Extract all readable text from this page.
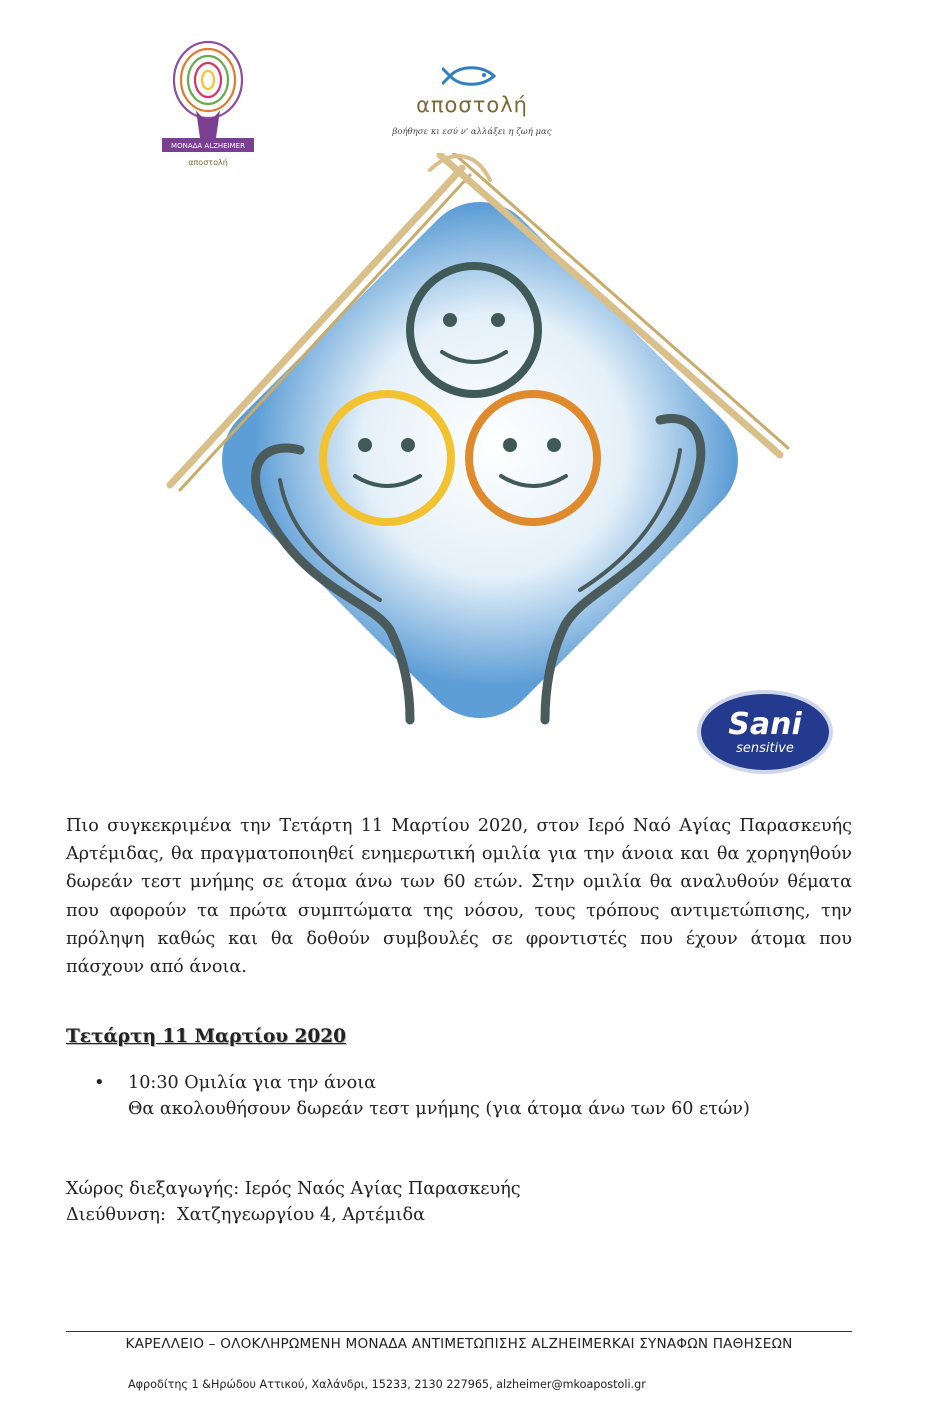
ΜΟΝΑΔΑ ALZHEIMER
αποστολή
αποστολή
βοήθησε κι εσύ ν' αλλάξει η ζωή μας
Sani
sensitive
Πιο συγκεκριμένα την Τετάρτη 11 Μαρτίου 2020, στον Ιερό Ναό Αγίας Παρασκευής Αρτέμιδας, θα πραγματοποιηθεί ενημερωτική ομιλία για την άνοια και θα χορηγηθούν δωρεάν τεστ μνήμης σε άτομα άνω των 60 ετών. Στην ομιλία θα αναλυθούν θέματα που αφορούν τα πρώτα συμπτώματα της νόσου, τους τρόπους αντιμετώπισης, την πρόληψη καθώς και θα δοθούν συμβουλές σε φροντιστές που έχουν άτομα που πάσχουν από άνοια.
Τετάρτη 11 Μαρτίου 2020
• 10:30 Ομιλία για την άνοια
Θα ακολουθήσουν δωρεάν τεστ μνήμης (για άτομα άνω των 60 ετών)
Χώρος διεξαγωγής: Ιερός Ναός Αγίας Παρασκευής
Διεύθυνση:  Χατζηγεωργίου 4, Αρτέμιδα
ΚΑΡΕΛΛΕΙΟ – ΟΛΟΚΛΗΡΩΜΕΝΗ ΜΟΝΑΔΑ ΑΝΤΙΜΕΤΩΠΙΣΗΣ ALZHEIMERΚΑΙ ΣΥΝΑΦΩΝ ΠΑΘΗΣΕΩΝ
Αφροδίτης 1 &Ηρώδου Αττικού, Χαλάνδρι, 15233, 2130 227965, alzheimer@mkoapostoli.gr
